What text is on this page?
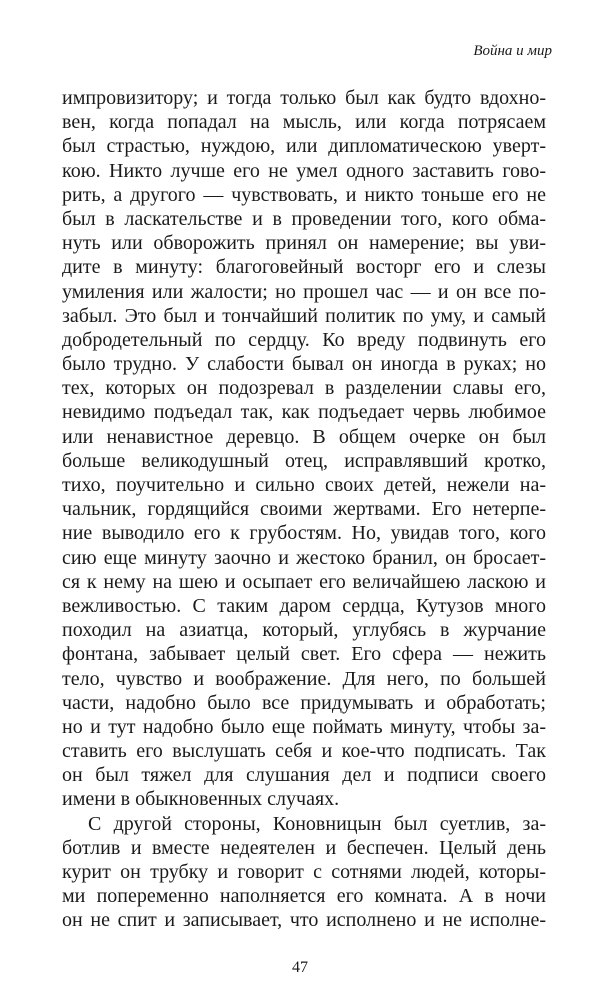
Война и мир
импровизитору; и тогда только был как будто вдохно-
вен, когда попадал на мысль, или когда потрясаем
был страстью, нуждою, или дипломатическою уверт-
кою. Никто лучше его не умел одного заставить гово-
рить, а другого — чувствовать, и никто тоньше его не
был в ласкательстве и в проведении того, кого обма-
нуть или обворожить принял он намерение; вы уви-
дите в минуту: благоговейный восторг его и слезы
умиления или жалости; но прошел час — и он все по-
забыл. Это был и тончайший политик по уму, и самый
добродетельный по сердцу. Ко вреду подвинуть его
было трудно. У слабости бывал он иногда в руках; но
тех, которых он подозревал в разделении славы его,
невидимо подъедал так, как подъедает червь любимое
или ненавистное деревцо. В общем очерке он был
больше великодушный отец, исправлявший кротко,
тихо, поучительно и сильно своих детей, нежели на-
чальник, гордящийся своими жертвами. Его нетерпе-
ние выводило его к грубостям. Но, увидав того, кого
сию еще минуту заочно и жестоко бранил, он бросает-
ся к нему на шею и осыпает его величайшею ласкою и
вежливостью. С таким даром сердца, Кутузов много
походил на азиатца, который, углубясь в журчание
фонтана, забывает целый свет. Его сфера — нежить
тело, чувство и воображение. Для него, по большей
части, надобно было все придумывать и обработать;
но и тут надобно было еще поймать минуту, чтобы за-
ставить его выслушать себя и кое-что подписать. Так
он был тяжел для слушания дел и подписи своего
имени в обыкновенных случаях.
С другой стороны, Коновницын был суетлив, за-
ботлив и вместе недеятелен и беспечен. Целый день
курит он трубку и говорит с сотнями людей, которы-
ми попеременно наполняется его комната. А в ночи
он не спит и записывает, что исполнено и не исполне-
47
